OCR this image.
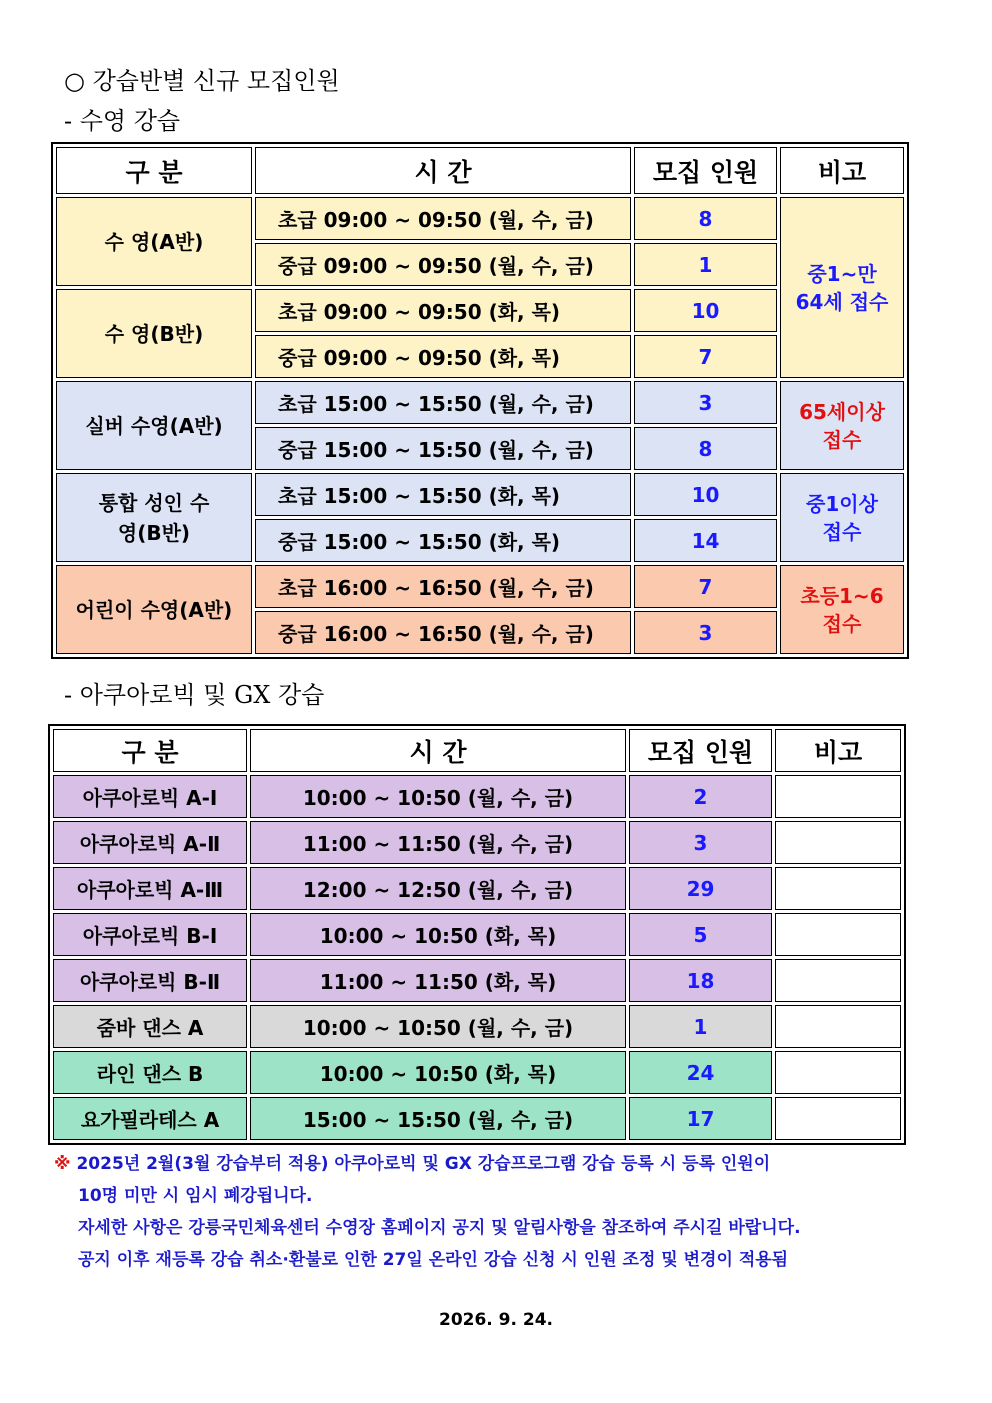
○ 강습반별 신규 모집인원
- 수영 강습
구 분	시 간	모집 인원	비고
수 영(A반)	초급 09:00 ~ 09:50 (월, 수, 금)	8	중1~만64세 접수
	중급 09:00 ~ 09:50 (월, 수, 금)	1	
수 영(B반)	초급 09:00 ~ 09:50 (화, 목)	10	
	중급 09:00 ~ 09:50 (화, 목)	7	
실버 수영(A반)	초급 15:00 ~ 15:50 (월, 수, 금)	3	65세이상 접수
	중급 15:00 ~ 15:50 (월, 수, 금)	8	
통합 성인 수영(B반)	초급 15:00 ~ 15:50 (화, 목)	10	중1이상 접수
	중급 15:00 ~ 15:50 (화, 목)	14	
어린이 수영(A반)	초급 16:00 ~ 16:50 (월, 수, 금)	7	초등1~6 접수
	중급 16:00 ~ 16:50 (월, 수, 금)	3	
- 아쿠아로빅 및 GX 강습
구 분	시 간	모집 인원	비고
아쿠아로빅 A-Ⅰ	10:00 ~ 10:50 (월, 수, 금)	2	
아쿠아로빅 A-Ⅱ	11:00 ~ 11:50 (월, 수, 금)	3	
아쿠아로빅 A-Ⅲ	12:00 ~ 12:50 (월, 수, 금)	29	
아쿠아로빅 B-Ⅰ	10:00 ~ 10:50 (화, 목)	5	
아쿠아로빅 B-Ⅱ	11:00 ~ 11:50 (화, 목)	18	
줌바 댄스 A	10:00 ~ 10:50 (월, 수, 금)	1	
라인 댄스 B	10:00 ~ 10:50 (화, 목)	24	
요가필라테스 A	15:00 ~ 15:50 (월, 수, 금)	17	
※ 2025년 2월(3월 강습부터 적용) 아쿠아로빅 및 GX 강습프로그램 강습 등록 시 등록 인원이
10명 미만 시 임시 폐강됩니다.
자세한 사항은 강릉국민체육센터 수영장 홈페이지 공지 및 알림사항을 참조하여 주시길 바랍니다.
공지 이후 재등록 강습 취소·환불로 인한 27일 온라인 강습 신청 시 인원 조정 및 변경이 적용됨
2026. 9. 24.
